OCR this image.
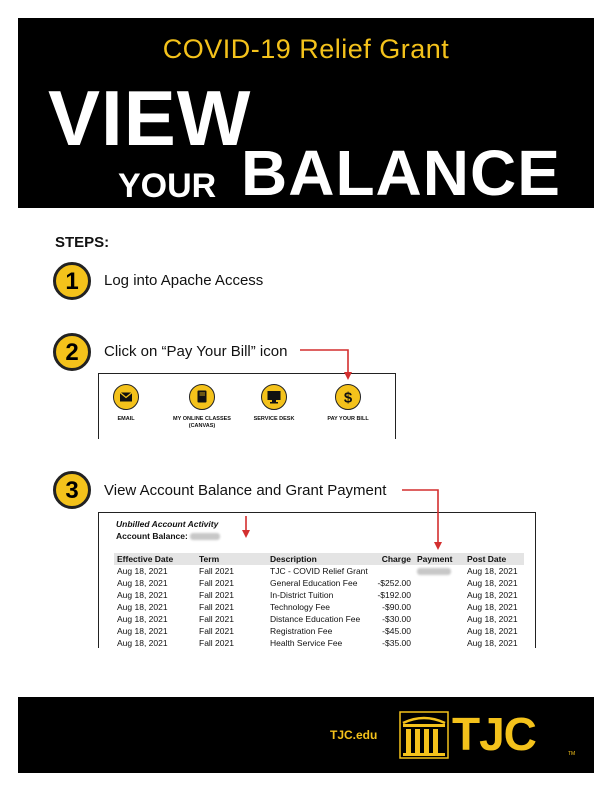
COVID-19 Relief Grant
VIEW
YOUR BALANCE
STEPS:
1	Log into Apache Access
2	Click on “Pay Your Bill” icon
EMAIL	MY ONLINE CLASSES (CANVAS)
SERVICE DESK
$
PAY YOUR BILL
3	View Account Balance and Grant Payment
Unbilled Account Activity
Account Balance:
Effective Date	Term	Description	Charge	Payment	Post Date
Aug 18, 2021	Fall 2021	TJC - COVID Relief Grant			Aug 18, 2021
Aug 18, 2021	Fall 2021	General Education Fee	-$252.00		Aug 18, 2021
Aug 18, 2021	Fall 2021	In-District Tuition	-$192.00		Aug 18, 2021
Aug 18, 2021	Fall 2021	Technology Fee	-$90.00		Aug 18, 2021
Aug 18, 2021	Fall 2021	Distance Education Fee	-$30.00		Aug 18, 2021
Aug 18, 2021	Fall 2021	Registration Fee	-$45.00		Aug 18, 2021
Aug 18, 2021	Fall 2021	Health Service Fee	-$35.00		Aug 18, 2021
TJC.edu TJC	TM
